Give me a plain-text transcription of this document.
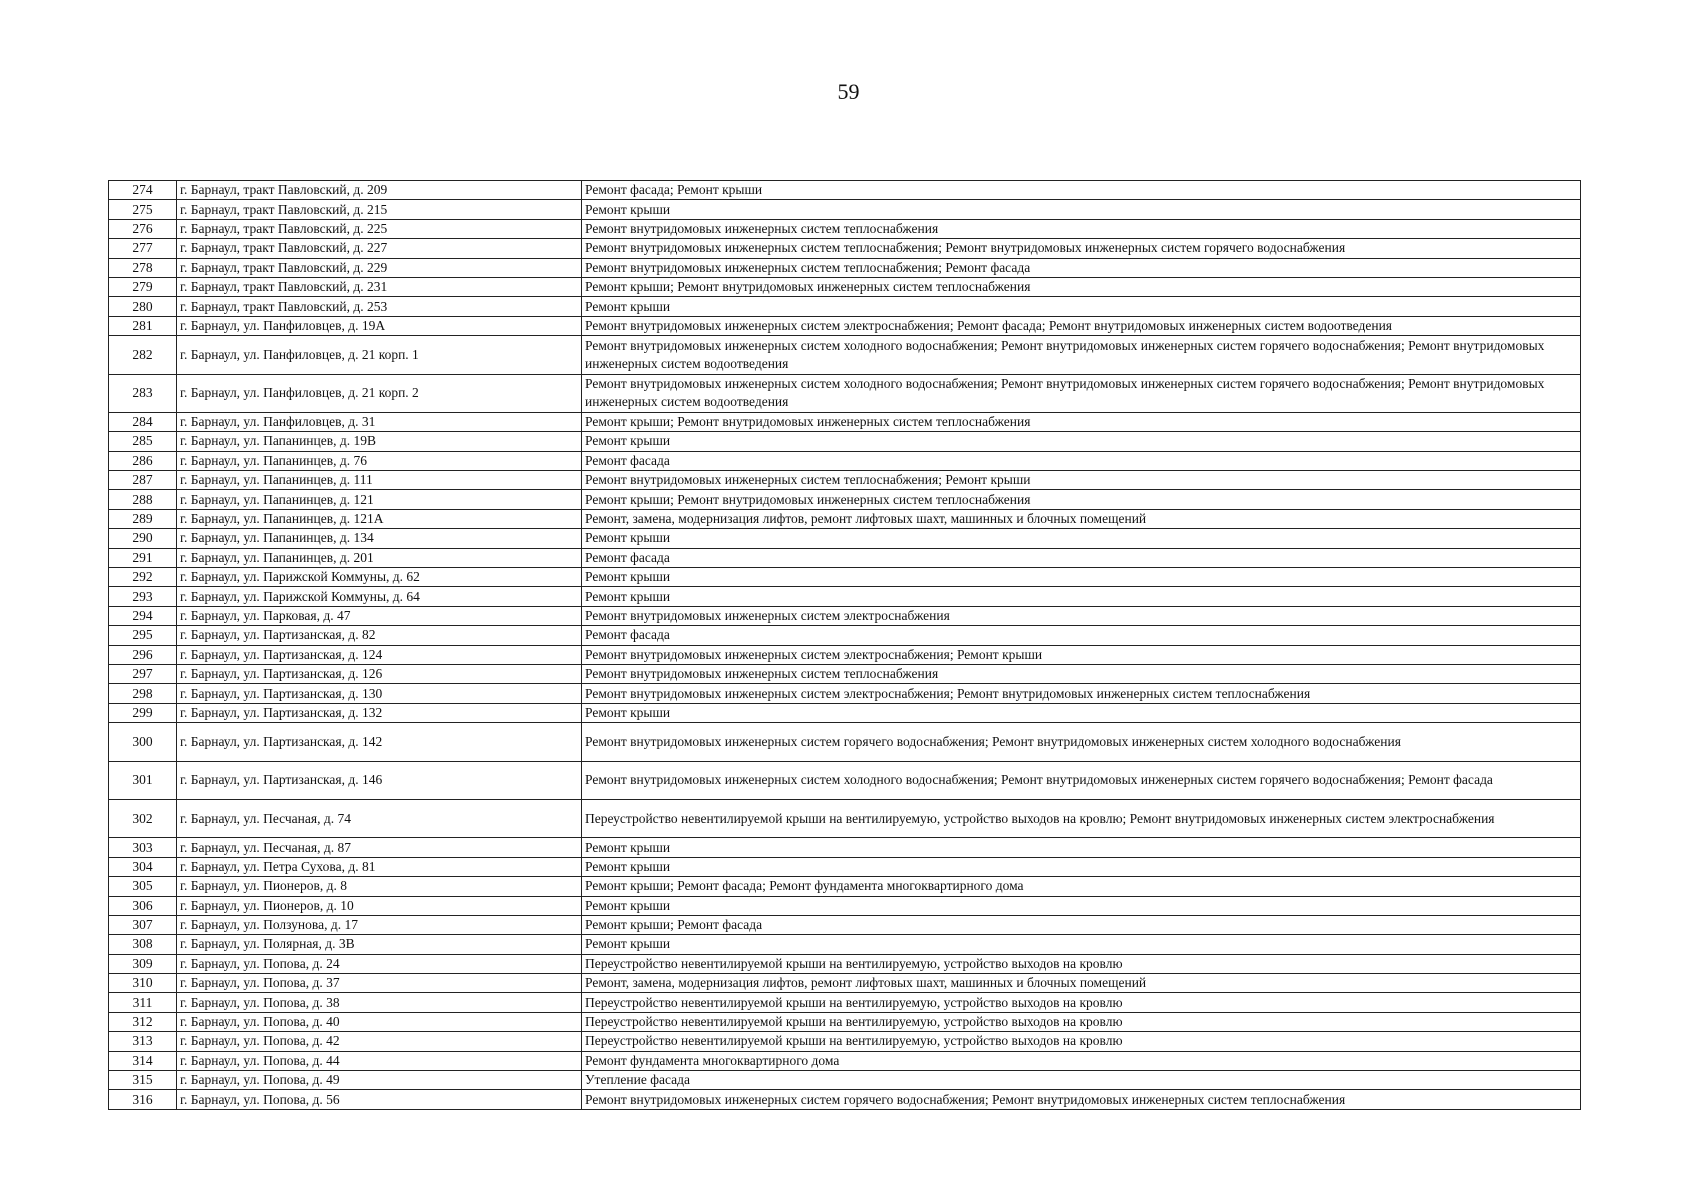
59
274	г. Барнаул, тракт Павловский, д. 209	Ремонт фасада; Ремонт крыши
275	г. Барнаул, тракт Павловский, д. 215	Ремонт крыши
276	г. Барнаул, тракт Павловский, д. 225	Ремонт внутридомовых инженерных систем теплоснабжения
277	г. Барнаул, тракт Павловский, д. 227	Ремонт внутридомовых инженерных систем теплоснабжения; Ремонт внутридомовых инженерных систем горячего водоснабжения
278	г. Барнаул, тракт Павловский, д. 229	Ремонт внутридомовых инженерных систем теплоснабжения; Ремонт фасада
279	г. Барнаул, тракт Павловский, д. 231	Ремонт крыши; Ремонт внутридомовых инженерных систем теплоснабжения
280	г. Барнаул, тракт Павловский, д. 253	Ремонт крыши
281	г. Барнаул, ул. Панфиловцев, д. 19А	Ремонт внутридомовых инженерных систем электроснабжения; Ремонт фасада; Ремонт внутридомовых инженерных систем водоотведения
282	г. Барнаул, ул. Панфиловцев, д. 21 корп. 1	Ремонт внутридомовых инженерных систем холодного водоснабжения; Ремонт внутридомовых инженерных систем горячего водоснабжения; Ремонт внутридомовых инженерных систем водоотведения
283	г. Барнаул, ул. Панфиловцев, д. 21 корп. 2	Ремонт внутридомовых инженерных систем холодного водоснабжения; Ремонт внутридомовых инженерных систем горячего водоснабжения; Ремонт внутридомовых инженерных систем водоотведения
284	г. Барнаул, ул. Панфиловцев, д. 31	Ремонт крыши; Ремонт внутридомовых инженерных систем теплоснабжения
285	г. Барнаул, ул. Папанинцев, д. 19В	Ремонт крыши
286	г. Барнаул, ул. Папанинцев, д. 76	Ремонт фасада
287	г. Барнаул, ул. Папанинцев, д. 111	Ремонт внутридомовых инженерных систем теплоснабжения; Ремонт крыши
288	г. Барнаул, ул. Папанинцев, д. 121	Ремонт крыши; Ремонт внутридомовых инженерных систем теплоснабжения
289	г. Барнаул, ул. Папанинцев, д. 121А	Ремонт, замена, модернизация лифтов, ремонт лифтовых шахт, машинных и блочных помещений
290	г. Барнаул, ул. Папанинцев, д. 134	Ремонт крыши
291	г. Барнаул, ул. Папанинцев, д. 201	Ремонт фасада
292	г. Барнаул, ул. Парижской Коммуны, д. 62	Ремонт крыши
293	г. Барнаул, ул. Парижской Коммуны, д. 64	Ремонт крыши
294	г. Барнаул, ул. Парковая, д. 47	Ремонт внутридомовых инженерных систем электроснабжения
295	г. Барнаул, ул. Партизанская, д. 82	Ремонт фасада
296	г. Барнаул, ул. Партизанская, д. 124	Ремонт внутридомовых инженерных систем электроснабжения; Ремонт крыши
297	г. Барнаул, ул. Партизанская, д. 126	Ремонт внутридомовых инженерных систем теплоснабжения
298	г. Барнаул, ул. Партизанская, д. 130	Ремонт внутридомовых инженерных систем электроснабжения; Ремонт внутридомовых инженерных систем теплоснабжения
299	г. Барнаул, ул. Партизанская, д. 132	Ремонт крыши
300	г. Барнаул, ул. Партизанская, д. 142	Ремонт внутридомовых инженерных систем горячего водоснабжения; Ремонт внутридомовых инженерных систем холодного водоснабжения
301	г. Барнаул, ул. Партизанская, д. 146	Ремонт внутридомовых инженерных систем холодного водоснабжения; Ремонт внутридомовых инженерных систем горячего водоснабжения; Ремонт фасада
302	г. Барнаул, ул. Песчаная, д. 74	Переустройство невентилируемой крыши на вентилируемую, устройство выходов на кровлю; Ремонт внутридомовых инженерных систем электроснабжения
303	г. Барнаул, ул. Песчаная, д. 87	Ремонт крыши
304	г. Барнаул, ул. Петра Сухова, д. 81	Ремонт крыши
305	г. Барнаул, ул. Пионеров, д. 8	Ремонт крыши; Ремонт фасада; Ремонт фундамента многоквартирного дома
306	г. Барнаул, ул. Пионеров, д. 10	Ремонт крыши
307	г. Барнаул, ул. Ползунова, д. 17	Ремонт крыши; Ремонт фасада
308	г. Барнаул, ул. Полярная, д. 3В	Ремонт крыши
309	г. Барнаул, ул. Попова, д. 24	Переустройство невентилируемой крыши на вентилируемую, устройство выходов на кровлю
310	г. Барнаул, ул. Попова, д. 37	Ремонт, замена, модернизация лифтов, ремонт лифтовых шахт, машинных и блочных помещений
311	г. Барнаул, ул. Попова, д. 38	Переустройство невентилируемой крыши на вентилируемую, устройство выходов на кровлю
312	г. Барнаул, ул. Попова, д. 40	Переустройство невентилируемой крыши на вентилируемую, устройство выходов на кровлю
313	г. Барнаул, ул. Попова, д. 42	Переустройство невентилируемой крыши на вентилируемую, устройство выходов на кровлю
314	г. Барнаул, ул. Попова, д. 44	Ремонт фундамента многоквартирного дома
315	г. Барнаул, ул. Попова, д. 49	Утепление фасада
316	г. Барнаул, ул. Попова, д. 56	Ремонт внутридомовых инженерных систем горячего водоснабжения; Ремонт внутридомовых инженерных систем теплоснабжения
